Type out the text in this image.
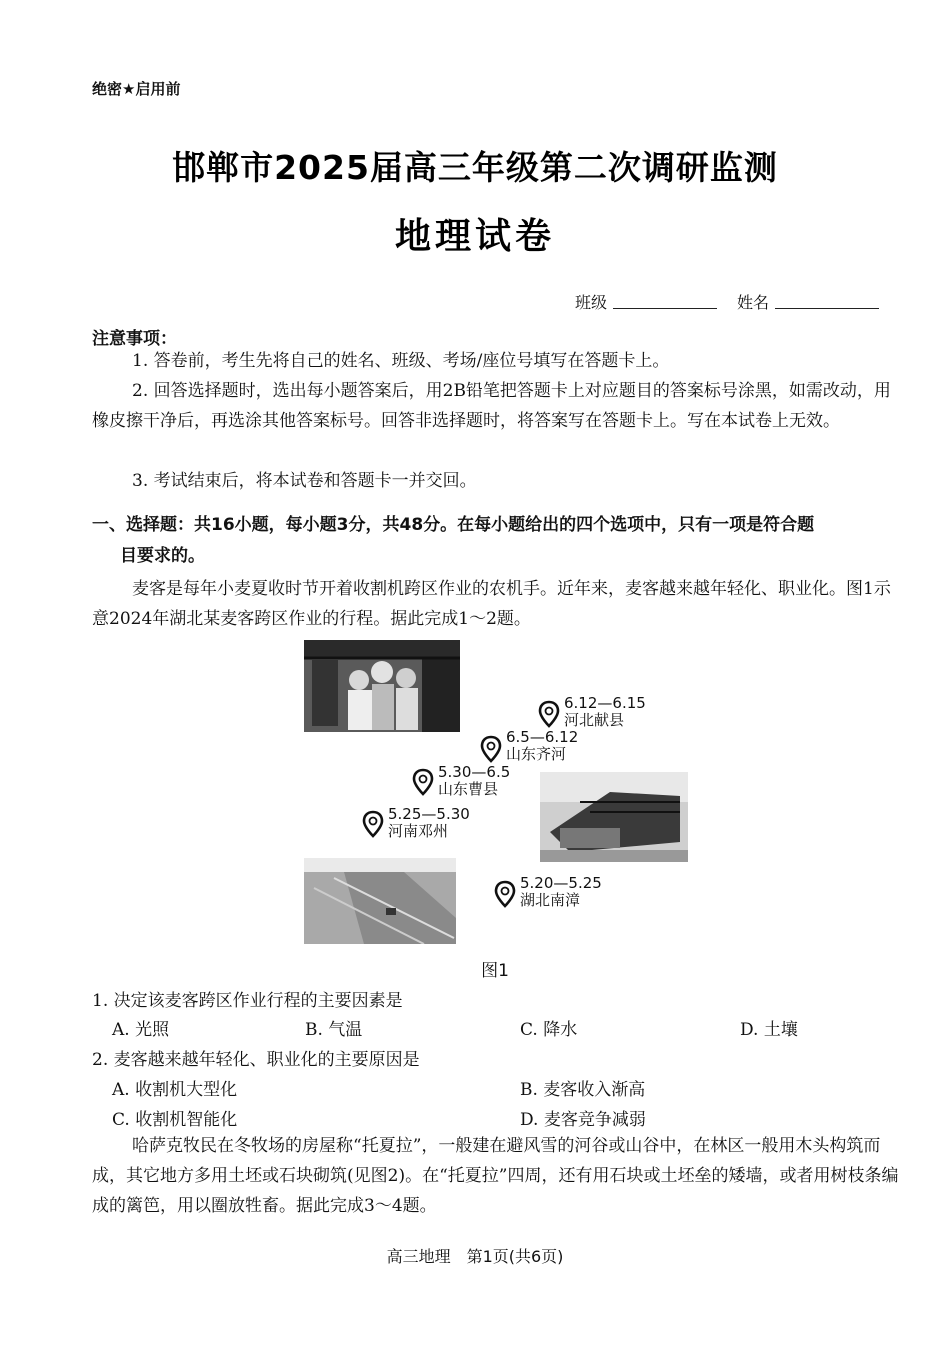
绝密★启用前
邯郸市2025届高三年级第二次调研监测
地理试卷
班级	姓名
注意事项：
1. 答卷前，考生先将自己的姓名、班级、考场/座位号填写在答题卡上。
2. 回答选择题时，选出每小题答案后，用2B铅笔把答题卡上对应题目的答案标号涂黑，如需改动，用橡皮擦干净后，再选涂其他答案标号。回答非选择题时，将答案写在答题卡上。写在本试卷上无效。
3. 考试结束后，将本试卷和答题卡一并交回。
一、选择题：共16小题，每小题3分，共48分。在每小题给出的四个选项中，只有一项是符合题
目要求的。
麦客是每年小麦夏收时节开着收割机跨区作业的农机手。近年来，麦客越来越年轻化、职业化。图1示意2024年湖北某麦客跨区作业的行程。据此完成1～2题。
6.12—6.15
河北献县
6.5—6.12
山东齐河
5.30—6.5
山东曹县
5.25—5.30
河南邓州
5.20—5.25
湖北南漳
图1
1. 决定该麦客跨区作业行程的主要因素是
A. 光照	B. 气温	C. 降水	D. 土壤
2. 麦客越来越年轻化、职业化的主要原因是
A. 收割机大型化	B. 麦客收入渐高
C. 收割机智能化	D. 麦客竞争减弱
哈萨克牧民在冬牧场的房屋称“托夏拉”，一般建在避风雪的河谷或山谷中，在林区一般用木头构筑而成，其它地方多用土坯或石块砌筑(见图2)。在“托夏拉”四周，还有用石块或土坯垒的矮墙，或者用树枝条编成的篱笆，用以圈放牲畜。据此完成3～4题。
高三地理　第1页(共6页)
